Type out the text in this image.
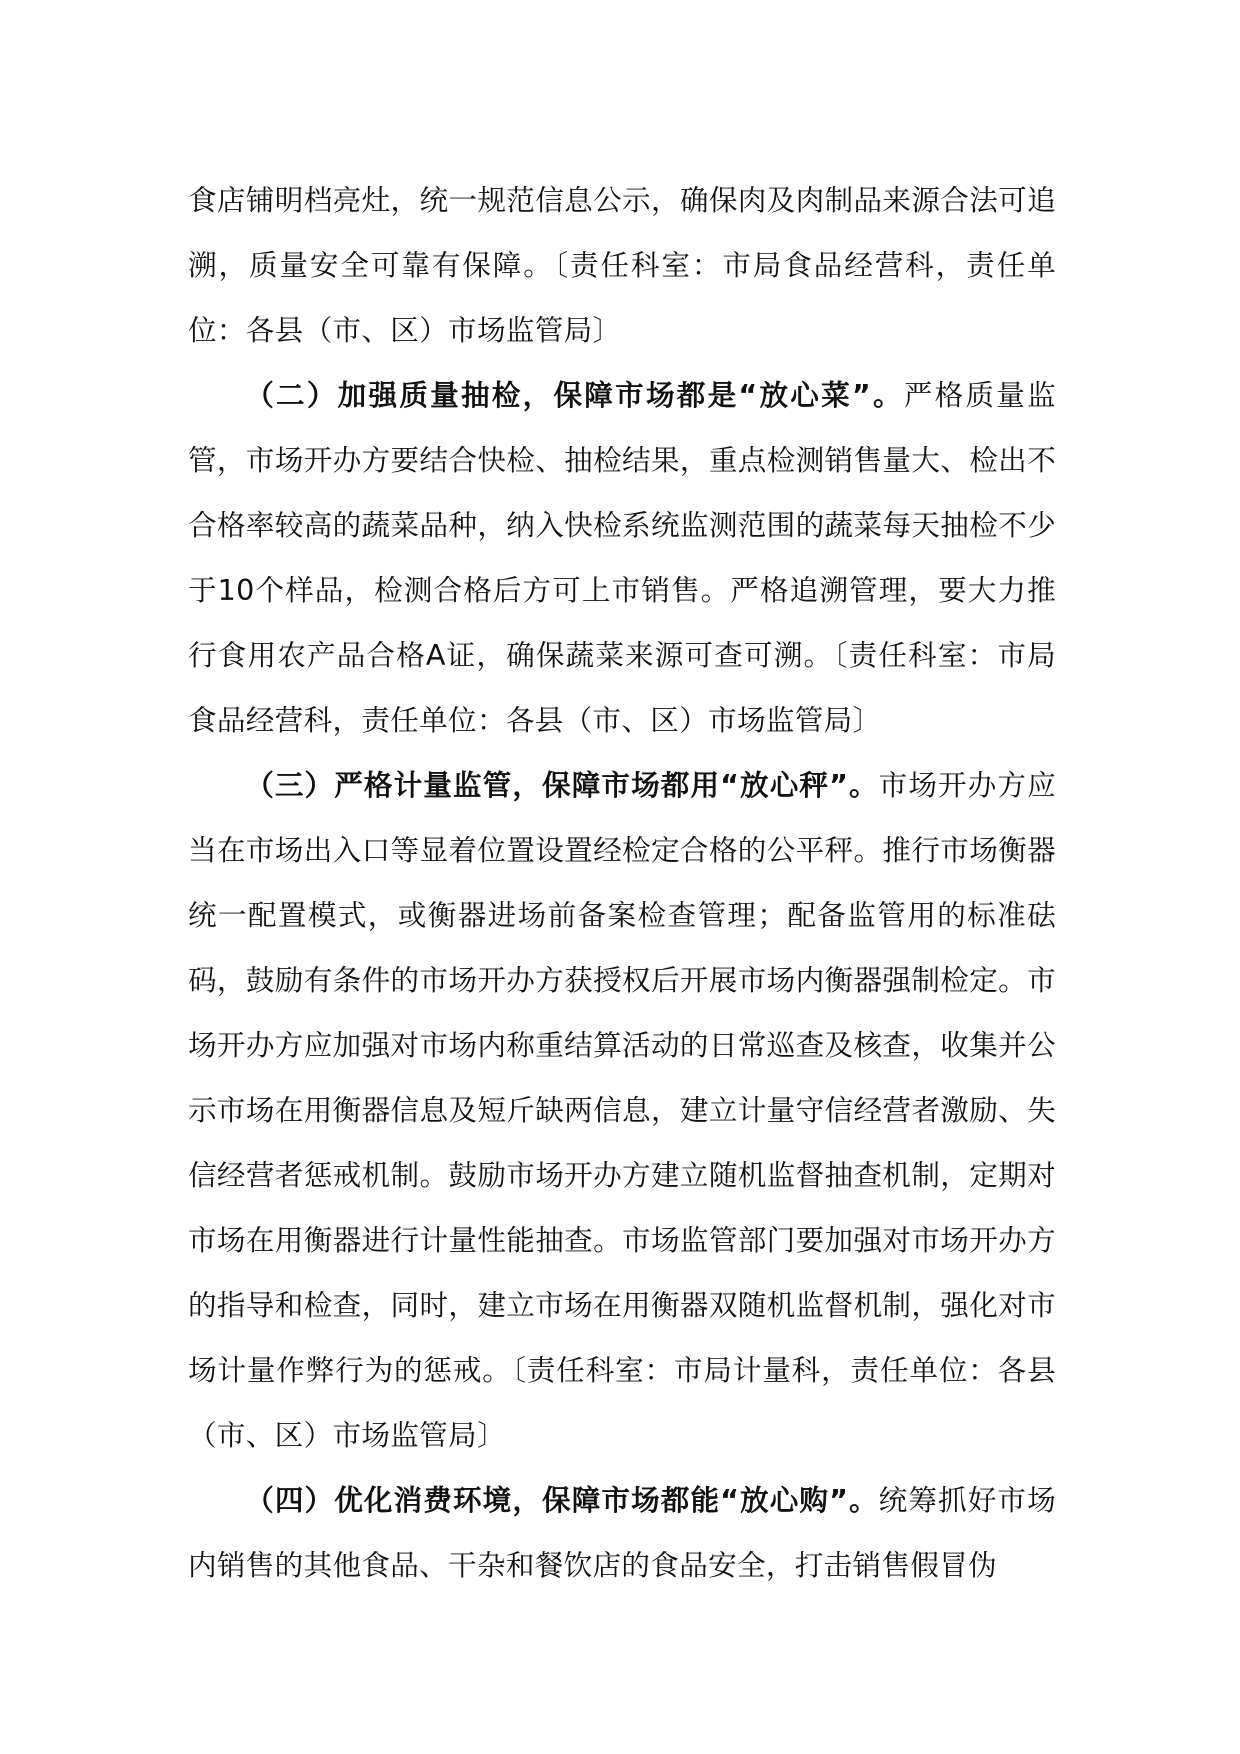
食店铺明档亮灶，统一规范信息公示，确保肉及肉制品来源合法可追溯，质量安全可靠有保障。〔责任科室：市局食品经营科，责任单位：各县（市、区）市场监管局〕

（二）加强质量抽检，保障市场都是“放心菜”。严格质量监管，市场开办方要结合快检、抽检结果，重点检测销售量大、检出不合格率较高的蔬菜品种，纳入快检系统监测范围的蔬菜每天抽检不少于10个样品，检测合格后方可上市销售。严格追溯管理，要大力推行食用农产品合格A证，确保蔬菜来源可查可溯。〔责任科室：市局食品经营科，责任单位：各县（市、区）市场监管局〕

（三）严格计量监管，保障市场都用“放心秤”。市场开办方应当在市场出入口等显着位置设置经检定合格的公平秤。推行市场衡器统一配置模式，或衡器进场前备案检查管理；配备监管用的标准砝码，鼓励有条件的市场开办方获授权后开展市场内衡器强制检定。市场开办方应加强对市场内称重结算活动的日常巡查及核查，收集并公示市场在用衡器信息及短斤缺两信息，建立计量守信经营者激励、失信经营者惩戒机制。鼓励市场开办方建立随机监督抽查机制，定期对市场在用衡器进行计量性能抽查。市场监管部门要加强对市场开办方的指导和检查，同时，建立市场在用衡器双随机监督机制，强化对市场计量作弊行为的惩戒。〔责任科室：市局计量科，责任单位：各县（市、区）市场监管局〕

（四）优化消费环境，保障市场都能“放心购”。统筹抓好市场内销售的其他食品、干杂和餐饮店的食品安全，打击销售假冒伪
